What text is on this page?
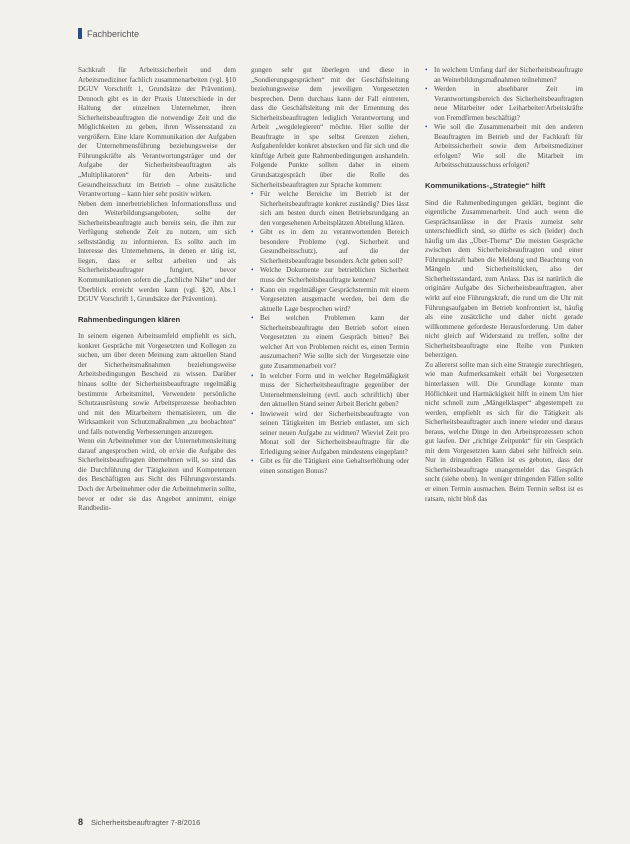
Fachberichte

Sachkraft für Arbeitssicherheit und dem Arbeitsmediziner fachlich zusammenarbeiten (vgl. §10 DGUV Vorschrift 1, Grundsätze der Prävention). Dennoch gibt es in der Praxis Unterschiede in der Haltung der einzelnen Unternehmer, ihren Sicherheitsbeauftragten die notwendige Zeit und die Möglichkeiten zu geben, ihren Wissensstand zu vergrößern. Eine klare Kommunikation der Aufgaben der Unternehmensführung beziehungsweise der Führungskräfte als Verantwortungsträger und der Aufgabe der Sicherheitsbeauftragten als „Multiplikatoren“ für den Arbeits- und Gesundheitsschutz im Betrieb – ohne zusätzliche Verantwortung – kann hier sehr positiv wirken.

Neben dem innerbetrieblichen Informationsfluss und den Weiterbildungsangeboten, sollte der Sicherheitsbeauftragte auch bereits sein, die ihm zur Verfügung stehende Zeit zu nutzen, um sich selbstständig zu informieren. Es sollte auch im Interesse des Unternehmens, in denen er tätig ist, liegen, dass er selbst arbeiten und als Sicherheitsbeauftragter fungiert, bevor Kommunikationen sofern die „fachliche Nähe“ und der Überblick erreicht werden kann (vgl. §20, Abs.1 DGUV Vorschrift 1, Grundsätze der Prävention).

Rahmenbedingungen klären

In seinem eigenen Arbeitsumfeld empfiehlt es sich, konkret Gespräche mit Vorgesetzten und Kollegen zu suchen, um über deren Meinung zum aktuellen Stand der Sicherheitsmaßnahmen beziehungsweise Arbeitsbedingungen Bescheid zu wissen. Darüber hinaus sollte der Sicherheitsbeauftragte regelmäßig bestimmte Arbeitsmittel, Verwendete persönliche Schutzausrüstung sowie Arbeitsprozesse beobachten und mit den Mitarbeitern thematisieren, um die Wirksamkeit von Schutzmaßnahmen „zu beobachten“ und falls notwendig Verbesserungen anzuregen.

Wenn ein Arbeitnehmer von der Unternehmensleitung darauf angesprochen wird, ob er/sie die Aufgabe des Sicherheitsbeauftragten übernehmen will, so sind das die Durchführung der Tätigkeiten und Kompetenzen des Beschäftigten aus Sicht des Führungsvorstands. Doch der Arbeitnehmer oder die Arbeitnehmerin sollte, bevor er oder sie das Angebot annimmt, einige Randbedin-

gungen sehr gut überlegen und diese in „Sondierungsgesprächen“ mit der Geschäftsleitung beziehungsweise dem jeweiligen Vorgesetzten besprechen. Denn durchaus kann der Fall eintreten, dass die Geschäftsleitung mit der Ernennung des Sicherheitsbeauftragten lediglich Verantwortung und Arbeit „wegdelegieren“ möchte. Hier sollte der Beauftragte in spe selbst Grenzen ziehen, Aufgabenfelder konkret abstecken und für sich und die künftige Arbeit gute Rahmenbedingungen aushandeln. Folgende Punkte sollten daher in einem Grundsatzgespräch über die Rolle des Sicherheitsbeauftragten zur Sprache kommen:

• Für welche Bereiche im Betrieb ist der Sicherheitsbeauftragte konkret zuständig? Dies lässt sich am besten durch einen Betriebsrundgang an den vorgesehenen Arbeitsplätzen Abteilung klären.
• Gibt es in dem zu verantwortenden Bereich besondere Probleme (vgl. Sicherheit und Gesundheitsschutz), auf die der Sicherheitsbeauftragte besonders Acht geben soll?
• Welche Dokumente zur betrieblichen Sicherheit muss der Sicherheitsbeauftragte kennen?
• Kann ein regelmäßiger Gesprächstermin mit einem Vorgesetzten ausgemacht werden, bei dem die aktuelle Lage besprochen wird?
• Bei welchen Problemen kann der Sicherheitsbeauftragte den Betrieb sofort einen Vorgesetzten zu einem Gespräch bitten? Bei welcher Art von Problemen reicht es, einen Termin auszumachen? Wie sollte sich der Vorgesetzte eine gute Zusammenarbeit vor?
• In welcher Form und in welcher Regelmäßigkeit muss der Sicherheitsbeauftragte gegenüber der Unternehmensleitung (evtl. auch schriftlich) über den aktuellen Stand seiner Arbeit Bericht geben?
• Inwieweit wird der Sicherheitsbeauftragte von seinen Tätigkeiten im Betrieb entlastet, um sich seiner neuen Aufgabe zu widmen? Wieviel Zeit pro Monat soll der Sicherheitsbeauftragte für die Erledigung seiner Aufgaben mindestens eingeplant?
• Gibt es für die Tätigkeit eine Gehaltserhöhung oder einen sonstigen Bonus?
• In welchem Umfang darf der Sicherheitsbeauftragte an Weiterbildungsmaßnahmen teilnehmen?
• Werden in absehbarer Zeit im Verantwortungsbereich des Sicherheitsbeauftragten neue Mitarbeiter oder Leiharbeiter/Arbeitskräfte von Fremdfirmen beschäftigt?
• Wie soll die Zusammenarbeit mit den anderen Beauftragten im Betrieb und der Fachkraft für Arbeitssicherheit sowie dem Arbeitsmediziner erfolgen? Wie soll die Mitarbeit im Arbeitsschutzausschuss erfolgen?
Kommunikations-„Strategie“ hilft

Sind die Rahmenbedingungen geklärt, beginnt die eigentliche Zusammenarbeit. Und auch wenn die Gesprächsanlässe in der Praxis zumeist sehr unterschiedlich sind, so dürfte es sich (leider) doch häufig um das „Über-Thema“ Die meisten Gespräche zwischen dem Sicherheitsbeauftragten und einer Führungskraft haben die Meldung und Beachtung von Mängeln und Sicherheitslücken, also der Sicherheitsstandard, zum Anlass. Das ist natürlich die originäre Aufgabe des Sicherheitsbeauftragten, aber wirkt auf eine Führungskraft, die rund um die Uhr mit Führungsaufgaben im Betrieb konfrontiert ist, häufig als eine zusätzliche und daher nicht gerade willkommene gefordeste Herausforderung. Um daher nicht gleich auf Widerstand zu treffen, sollte der Sicherheitsbeauftragte eine Reihe von Punkten beherzigen.

Zu allererst sollte man sich eine Strategie zurechtlegen, wie man Aufmerksamkeit erhält bei Vorgesetzten hinterlassen will. Die Grundlage konnte man Höflichkeit und Hartnäckigkeit hilft in einem Um hier nicht schnell zum „Mängelklasper“ abgestempelt zu werden, empfiehlt es sich für die Tätigkeit als Sicherheitsbeauftragter auch innere wieder und daraus heraus, welche Dinge in den Arbeitsprozessen schon gut laufen. Der „richtige Zeitpunkt“ für ein Gespräch mit dem Vorgesetzten kann dabei sehr hilfreich sein. Nur in dringenden Fällen ist es geboten, dass der Sicherheitsbeauftragte unangemeldet das Gespräch sucht (siehe oben). In weniger dringenden Fällen sollte er einen Termin ausmachen. Beim Termin selbst ist es ratsam, nicht bloß das

8 Sicherheitsbeauftragter 7-8/2016
